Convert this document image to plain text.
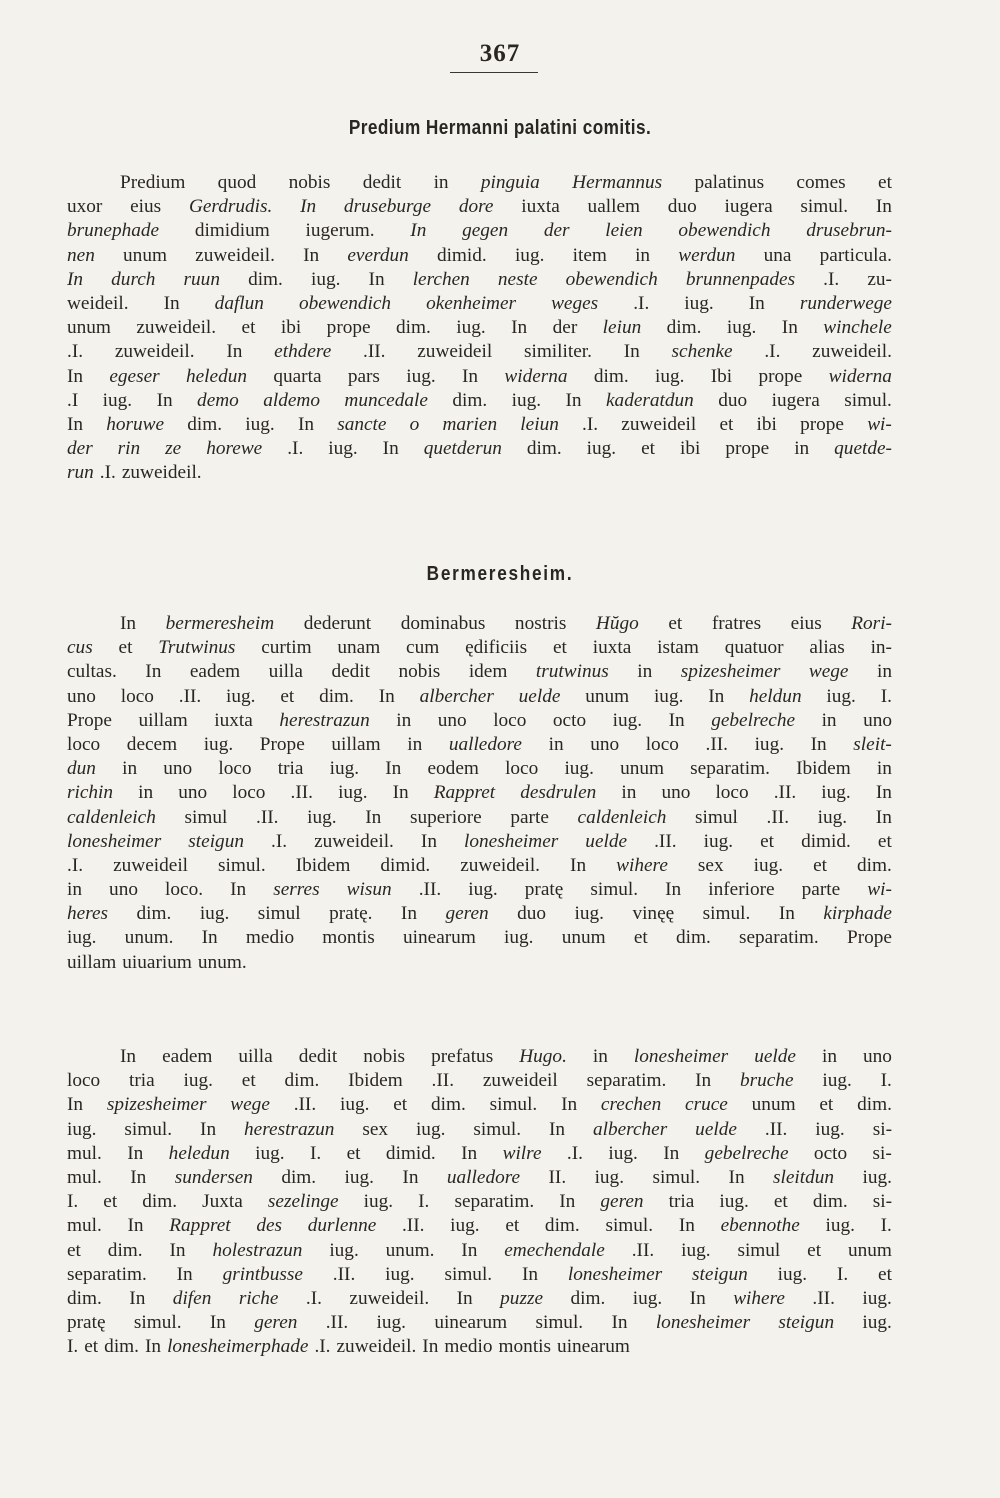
367
Predium Hermanni palatini comitis.
Predium quod nobis dedit in pinguia Hermannus palatinus comes et
uxor eius Gerdrudis. In druseburge dore iuxta uallem duo iugera simul. In
brunephade dimidium iugerum. In gegen der leien obewendich drusebrun-
nen unum zuweideil. In everdun dimid. iug. item in werdun una particula.
In durch ruun dim. iug. In lerchen neste obewendich brunnenpades .I. zu-
weideil. In daflun obewendich okenheimer weges .I. iug. In runderwege
unum zuweideil. et ibi prope dim. iug. In der leiun dim. iug. In winchele
.I. zuweideil. In ethdere .II. zuweideil similiter. In schenke .I. zuweideil.
In egeser heledun quarta pars iug. In widerna dim. iug. Ibi prope widerna
.I iug. In demo aldemo muncedale dim. iug. In kaderatdun duo iugera simul.
In horuwe dim. iug. In sancte o marien leiun .I. zuweideil et ibi prope wi-
der rin ze horewe .I. iug. In quetderun dim. iug. et ibi prope in quetde-
run .I. zuweideil.
Bermeresheim.
In bermeresheim dederunt dominabus nostris Hŭgo et fratres eius Rori-
cus et Trutwinus curtim unam cum ędificiis et iuxta istam quatuor alias in-
cultas. In eadem uilla dedit nobis idem trutwinus in spizesheimer wege in
uno loco .II. iug. et dim. In albercher uelde unum iug. In heldun iug. I.
Prope uillam iuxta herestrazun in uno loco octo iug. In gebelreche in uno
loco decem iug. Prope uillam in ualledore in uno loco .II. iug. In sleit-
dun in uno loco tria iug. In eodem loco iug. unum separatim. Ibidem in
richin in uno loco .II. iug. In Rappret desdrulen in uno loco .II. iug. In
caldenleich simul .II. iug. In superiore parte caldenleich simul .II. iug. In
lonesheimer steigun .I. zuweideil. In lonesheimer uelde .II. iug. et dimid. et
.I. zuweideil simul. Ibidem dimid. zuweideil. In wihere sex iug. et dim.
in uno loco. In serres wisun .II. iug. pratę simul. In inferiore parte wi-
heres dim. iug. simul pratę. In geren duo iug. vinęę simul. In kirphade
iug. unum. In medio montis uinearum iug. unum et dim. separatim. Prope
uillam uiuarium unum.
In eadem uilla dedit nobis prefatus Hugo. in lonesheimer uelde in uno
loco tria iug. et dim. Ibidem .II. zuweideil separatim. In bruche iug. I.
In spizesheimer wege .II. iug. et dim. simul. In crechen cruce unum et dim.
iug. simul. In herestrazun sex iug. simul. In albercher uelde .II. iug. si-
mul. In heledun iug. I. et dimid. In wilre .I. iug. In gebelreche octo si-
mul. In sundersen dim. iug. In ualledore II. iug. simul. In sleitdun iug.
I. et dim. Juxta sezelinge iug. I. separatim. In geren tria iug. et dim. si-
mul. In Rappret des durlenne .II. iug. et dim. simul. In ebennothe iug. I.
et dim. In holestrazun iug. unum. In emechendale .II. iug. simul et unum
separatim. In grintbusse .II. iug. simul. In lonesheimer steigun iug. I. et
dim. In difen riche .I. zuweideil. In puzze dim. iug. In wihere .II. iug.
pratę simul. In geren .II. iug. uinearum simul. In lonesheimer steigun iug.
I. et dim. In lonesheimerphade .I. zuweideil. In medio montis uinearum
